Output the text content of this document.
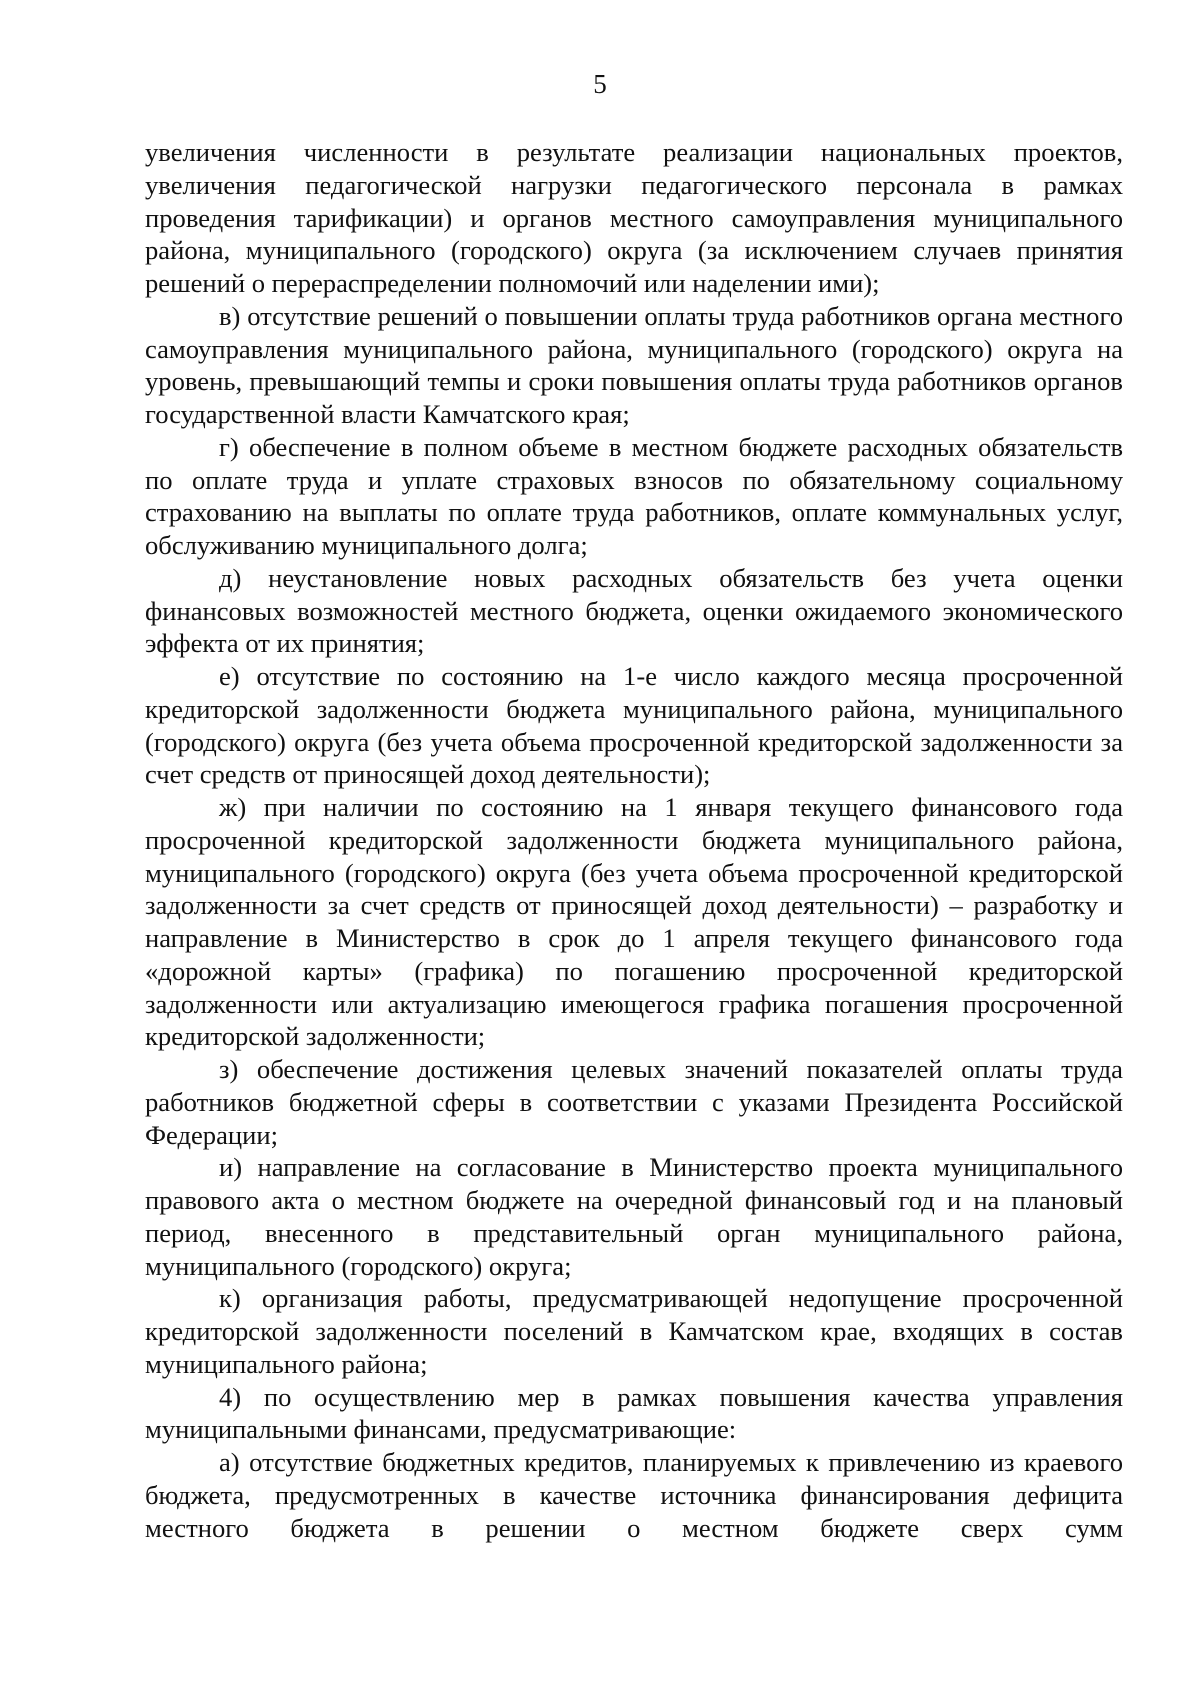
5

увеличения численности в результате реализации национальных проектов, увеличения педагогической нагрузки педагогического персонала в рамках проведения тарификации) и органов местного самоуправления муниципального района, муниципального (городского) округа (за исключением случаев принятия решений о перераспределении полномочий или наделении ими);

в) отсутствие решений о повышении оплаты труда работников органа местного самоуправления муниципального района, муниципального (городского) округа на уровень, превышающий темпы и сроки повышения оплаты труда работников органов государственной власти Камчатского края;

г) обеспечение в полном объеме в местном бюджете расходных обязательств по оплате труда и уплате страховых взносов по обязательному социальному страхованию на выплаты по оплате труда работников, оплате коммунальных услуг, обслуживанию муниципального долга;

д) неустановление новых расходных обязательств без учета оценки финансовых возможностей местного бюджета, оценки ожидаемого экономического эффекта от их принятия;

е) отсутствие по состоянию на 1-е число каждого месяца просроченной кредиторской задолженности бюджета муниципального района, муниципального (городского) округа (без учета объема просроченной кредиторской задолженности за счет средств от приносящей доход деятельности);

ж) при наличии по состоянию на 1 января текущего финансового года просроченной кредиторской задолженности бюджета муниципального района, муниципального (городского) округа (без учета объема просроченной кредиторской задолженности за счет средств от приносящей доход деятельности) – разработку и направление в Министерство в срок до 1 апреля текущего финансового года «дорожной карты» (графика) по погашению просроченной кредиторской задолженности или актуализацию имеющегося графика погашения просроченной кредиторской задолженности;

з) обеспечение достижения целевых значений показателей оплаты труда работников бюджетной сферы в соответствии с указами Президента Российской Федерации;

и) направление на согласование в Министерство проекта муниципального правового акта о местном бюджете на очередной финансовый год и на плановый период, внесенного в представительный орган муниципального района, муниципального (городского) округа;

к) организация работы, предусматривающей недопущение просроченной кредиторской задолженности поселений в Камчатском крае, входящих в состав муниципального района;

4) по осуществлению мер в рамках повышения качества управления муниципальными финансами, предусматривающие:

а) отсутствие бюджетных кредитов, планируемых к привлечению из краевого бюджета, предусмотренных в качестве источника финансирования дефицита местного бюджета в решении о местном бюджете сверх сумм
